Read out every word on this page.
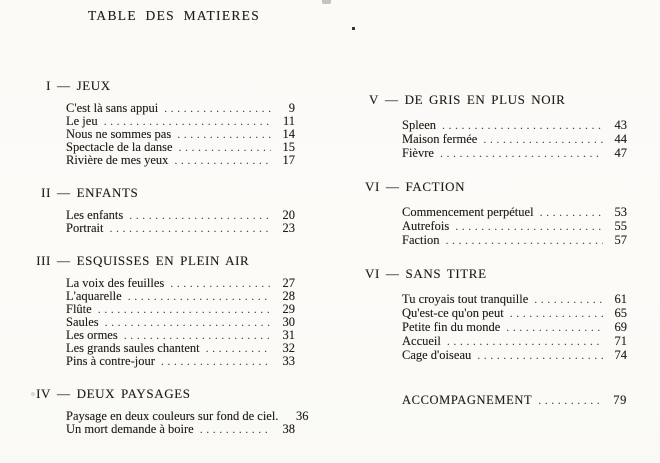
TABLE DES MATIERES
I — JEUX
C'est là sans appui .....	9
Le jeu .....	11
Nous ne sommes pas .....	14
Spectacle de la danse .....	15
Rivière de mes yeux .....	17
II — ENFANTS
Les enfants .....	20
Portrait .....	23
III — ESQUISSES EN PLEIN AIR
La voix des feuilles .....	27
L'aquarelle .....	28
Flûte .....	29
Saules .....	30
Les ormes .....	31
Les grands saules chantent .....	32
Pins à contre-jour .....	33
IV — DEUX PAYSAGES
Paysage en deux couleurs sur fond de ciel.	36
Un mort demande à boire .....	38
ACCOMPAGNEMENT .....	79
V — DE GRIS EN PLUS NOIR
Spleen .....	43
Maison fermée .....	44
Fièvre .....	47
VI — FACTION
Commencement perpétuel .....	53
Autrefois .....	55
Faction .....	57
VI — SANS TITRE
Tu croyais tout tranquille .....	61
Qu'est-ce qu'on peut .....	65
Petite fin du monde .....	69
Accueil .....	71
Cage d'oiseau .....	74
